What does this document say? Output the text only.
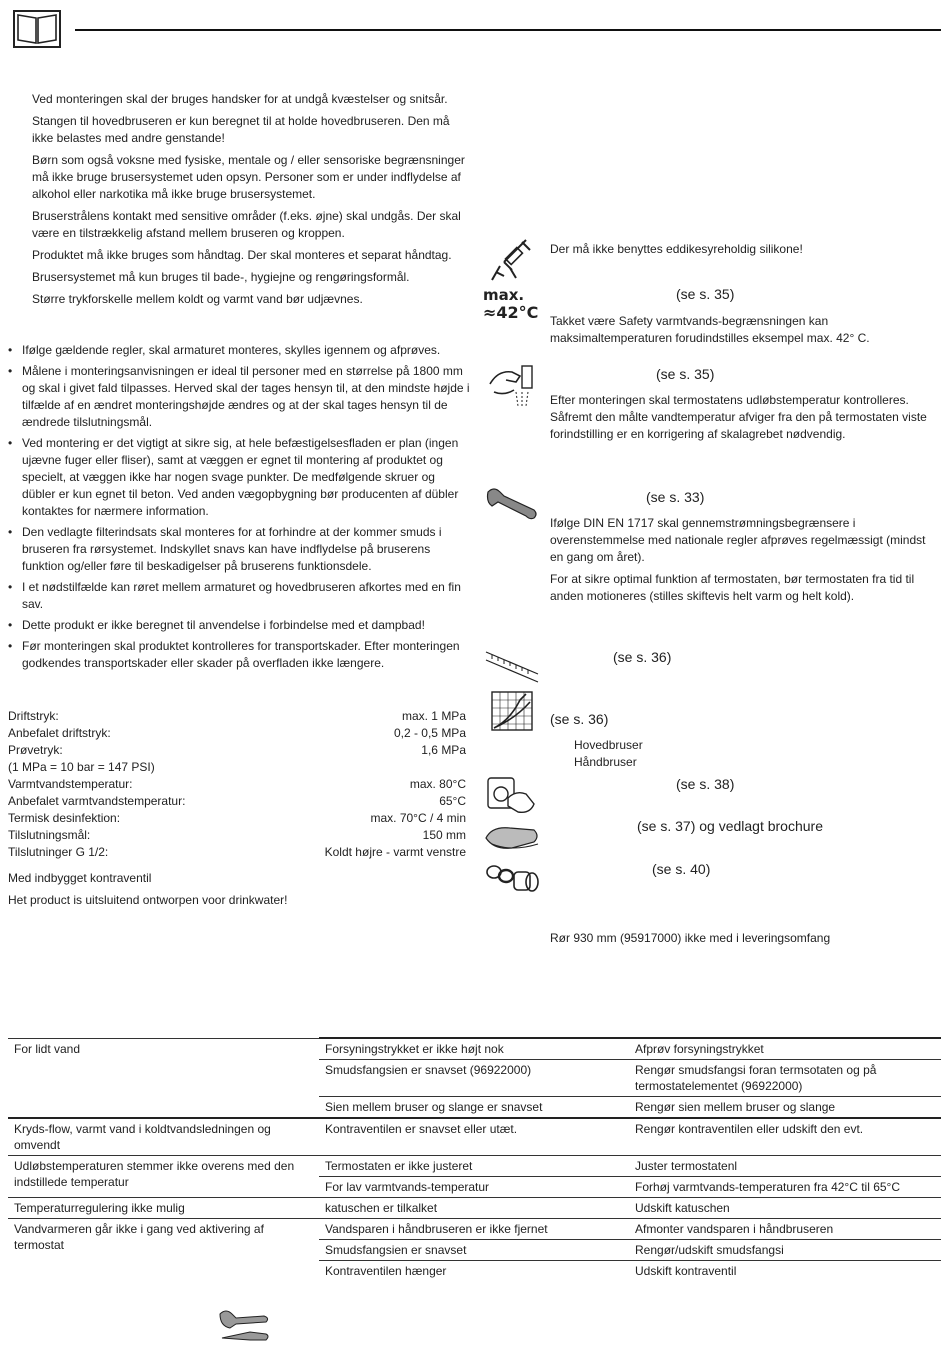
Ved monteringen skal der bruges handsker for at undgå kvæstelser og snitsår.

Stangen til hovedbruseren er kun beregnet til at holde hovedbruseren. Den må ikke belastes med andre genstande!

Børn som også voksne med fysiske, mentale og / eller sensoriske begrænsninger må ikke bruge brusersystemet uden opsyn. Personer som er under indflydelse af alkohol eller narkotika må ikke bruge brusersystemet.

Bruserstrålens kontakt med sensitive områder (f.eks. øjne) skal undgås. Der skal være en tilstrækkelig afstand mellem bruseren og kroppen.

Produktet må ikke bruges som håndtag. Der skal monteres et separat håndtag.

Brusersystemet må kun bruges til bade-, hygiejne og rengøringsformål.

Større trykforskelle mellem koldt og varmt vand bør udjævnes.

• Ifølge gældende regler, skal armaturet monteres, skylles igennem og afprøves.
• Målene i monteringsanvisningen er ideal til personer med en størrelse på 1800 mm og skal i givet fald tilpasses. Herved skal der tages hensyn til, at den mindste højde i tilfælde af en ændret monteringshøjde ændres og at der skal tages hensyn til de ændrede tilslutningsmål.
• Ved montering er det vigtigt at sikre sig, at hele befæstigelsesfladen er plan (ingen ujævne fuger eller fliser), samt at væggen er egnet til montering af produktet og specielt, at væggen ikke har nogen svage punkter. De medfølgende skruer og dübler er kun egnet til beton. Ved anden vægopbygning bør producenten af dübler kontaktes for nærmere information.
• Den vedlagte filterindsats skal monteres for at forhindre at der kommer smuds i bruseren fra rørsystemet. Indskyllet snavs kan have indflydelse på bruserens funktion og/eller føre til beskadigelser på bruserens funktionsdele.
• I et nødstilfælde kan røret mellem armaturet og hovedbruseren afkortes med en fin sav.
• Dette produkt er ikke beregnet til anvendelse i forbindelse med et dampbad!
• Før monteringen skal produktet kontrolleres for transportskader. Efter monteringen godkendes transportskader eller skader på overfladen ikke længere.
Driftstryk:	max. 1 MPa
Anbefalet driftstryk:	0,2 - 0,5 MPa
Prøvetryk:	1,6 MPa
(1 MPa = 10 bar = 147 PSI)
Varmtvandstemperatur:	max. 80°C
Anbefalet varmtvandstemperatur:	65°C
Termisk desinfektion:	max. 70°C / 4 min
Tilslutningsmål:	150 mm
Tilslutninger G 1/2:	Koldt højre - varmt venstre
Med indbygget kontraventil
Het product is uitsluitend ontworpen voor drinkwater!
max.
≈42°C
Der må ikke benyttes eddikesyreholdig silikone!
(se s. 35)
Takket være Safety varmtvands-begrænsningen kan maksimaltemperaturen forudindstilles eksempel max. 42° C.
(se s. 35)
Efter monteringen skal termostatens udløbstemperatur kontrolleres. Såfremt den målte vandtemperatur afviger fra den på termostaten viste forindstilling er en korrigering af skalagrebet nødvendig.
(se s. 33)
Ifølge DIN EN 1717 skal gennemstrømningsbegrænsere i overenstemmelse med nationale regler afprøves regelmæssigt (mindst en gang om året).
For at sikre optimal funktion af termostaten, bør termostaten fra tid til anden motioneres (stilles skiftevis helt varm og helt kold).
(se s. 36)
(se s. 36)
Hovedbruser
Håndbruser
(se s. 38)
(se s. 37) og vedlagt brochure
(se s. 40)
Rør 930 mm (95917000) ikke med i leveringsomfang
For lidt vand	Forsyningstrykket er ikke højt nok	Afprøv forsyningstrykket
	Smudsfangsien er snavset (96922000)	Rengør smudsfangsi foran termsotaten og på termostatelementet (96922000)
	Sien mellem bruser og slange er snavset	Rengør sien mellem bruser og slange
Kryds-flow, varmt vand i koldtvandsledningen og omvendt	Kontraventilen er snavset eller utæt.	Rengør kontraventilen eller udskift den evt.
Udløbstemperaturen stemmer ikke overens med den indstillede temperatur	Termostaten er ikke justeret	Juster termostatenl
	For lav varmtvands-temperatur	Forhøj varmtvands-temperaturen fra 42°C til 65°C
Temperaturregulering ikke mulig	katuschen er tilkalket	Udskift katuschen
Vandvarmeren går ikke i gang ved aktivering af termostat	Vandsparen i håndbruseren er ikke fjernet	Afmonter vandsparen i håndbruseren
	Smudsfangsien er snavset	Rengør/udskift smudsfangsi
	Kontraventilen hænger	Udskift kontraventil
